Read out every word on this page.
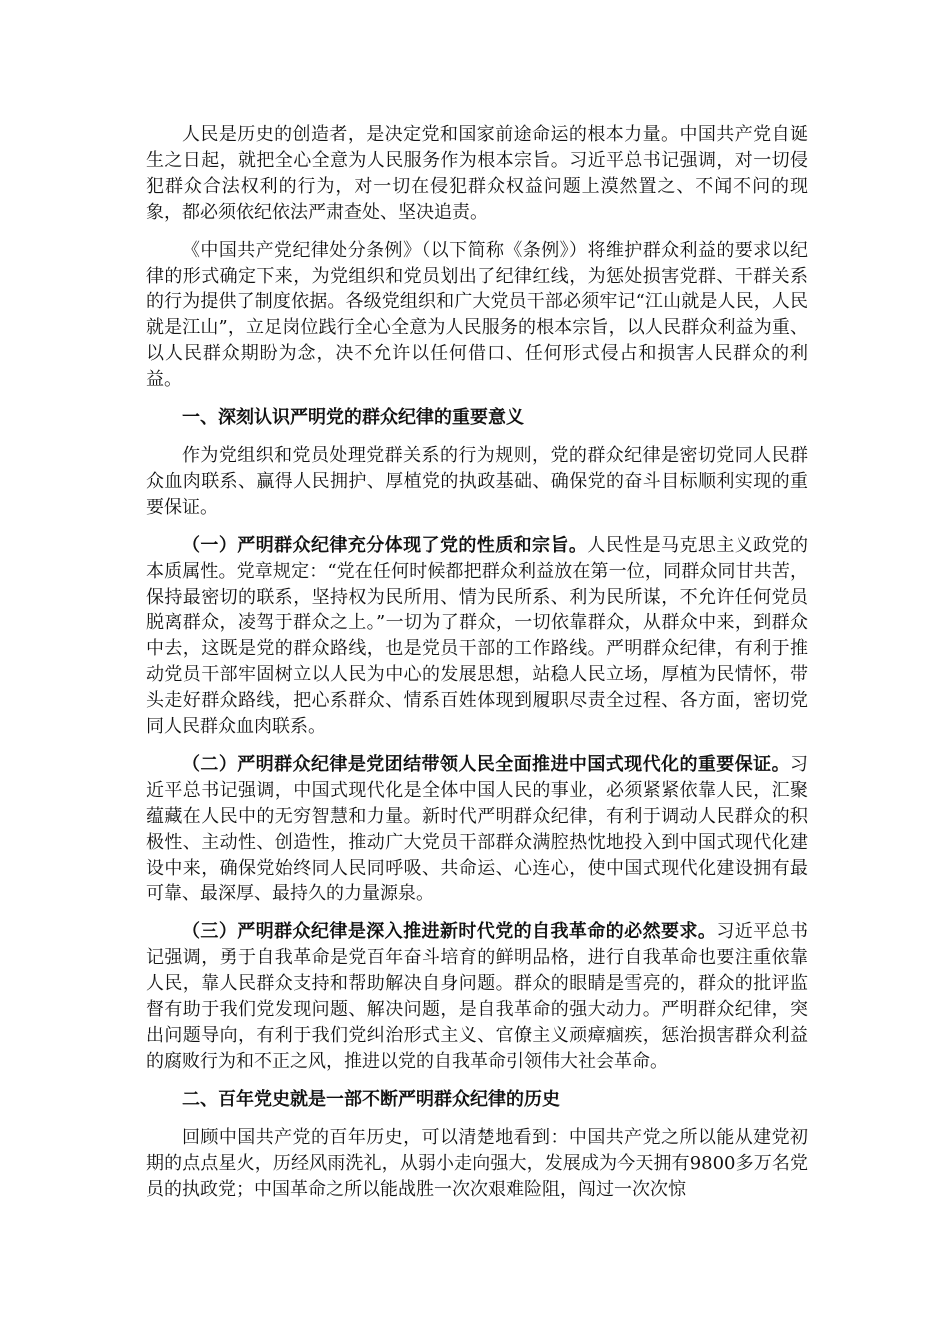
人民是历史的创造者，是决定党和国家前途命运的根本力量。中国共产党自诞生之日起，就把全心全意为人民服务作为根本宗旨。习近平总书记强调，对一切侵犯群众合法权利的行为，对一切在侵犯群众权益问题上漠然置之、不闻不问的现象，都必须依纪依法严肃查处、坚决追责。

《中国共产党纪律处分条例》（以下简称《条例》）将维护群众利益的要求以纪律的形式确定下来，为党组织和党员划出了纪律红线，为惩处损害党群、干群关系的行为提供了制度依据。各级党组织和广大党员干部必须牢记“江山就是人民，人民就是江山”，立足岗位践行全心全意为人民服务的根本宗旨，以人民群众利益为重、以人民群众期盼为念，决不允许以任何借口、任何形式侵占和损害人民群众的利益。

一、深刻认识严明党的群众纪律的重要意义

作为党组织和党员处理党群关系的行为规则，党的群众纪律是密切党同人民群众血肉联系、赢得人民拥护、厚植党的执政基础、确保党的奋斗目标顺利实现的重要保证。

（一）严明群众纪律充分体现了党的性质和宗旨。人民性是马克思主义政党的本质属性。党章规定：“党在任何时候都把群众利益放在第一位，同群众同甘共苦，保持最密切的联系，坚持权为民所用、情为民所系、利为民所谋，不允许任何党员脱离群众，凌驾于群众之上。”一切为了群众，一切依靠群众，从群众中来，到群众中去，这既是党的群众路线，也是党员干部的工作路线。严明群众纪律，有利于推动党员干部牢固树立以人民为中心的发展思想，站稳人民立场，厚植为民情怀，带头走好群众路线，把心系群众、情系百姓体现到履职尽责全过程、各方面，密切党同人民群众血肉联系。

（二）严明群众纪律是党团结带领人民全面推进中国式现代化的重要保证。习近平总书记强调，中国式现代化是全体中国人民的事业，必须紧紧依靠人民，汇聚蕴藏在人民中的无穷智慧和力量。新时代严明群众纪律，有利于调动人民群众的积极性、主动性、创造性，推动广大党员干部群众满腔热忱地投入到中国式现代化建设中来，确保党始终同人民同呼吸、共命运、心连心，使中国式现代化建设拥有最可靠、最深厚、最持久的力量源泉。

（三）严明群众纪律是深入推进新时代党的自我革命的必然要求。习近平总书记强调，勇于自我革命是党百年奋斗培育的鲜明品格，进行自我革命也要注重依靠人民，靠人民群众支持和帮助解决自身问题。群众的眼睛是雪亮的，群众的批评监督有助于我们党发现问题、解决问题，是自我革命的强大动力。严明群众纪律，突出问题导向，有利于我们党纠治形式主义、官僚主义顽瘴痼疾，惩治损害群众利益的腐败行为和不正之风，推进以党的自我革命引领伟大社会革命。

二、百年党史就是一部不断严明群众纪律的历史

回顾中国共产党的百年历史，可以清楚地看到：中国共产党之所以能从建党初期的点点星火，历经风雨洗礼，从弱小走向强大，发展成为今天拥有9800多万名党员的执政党；中国革命之所以能战胜一次次艰难险阻，闯过一次次惊
